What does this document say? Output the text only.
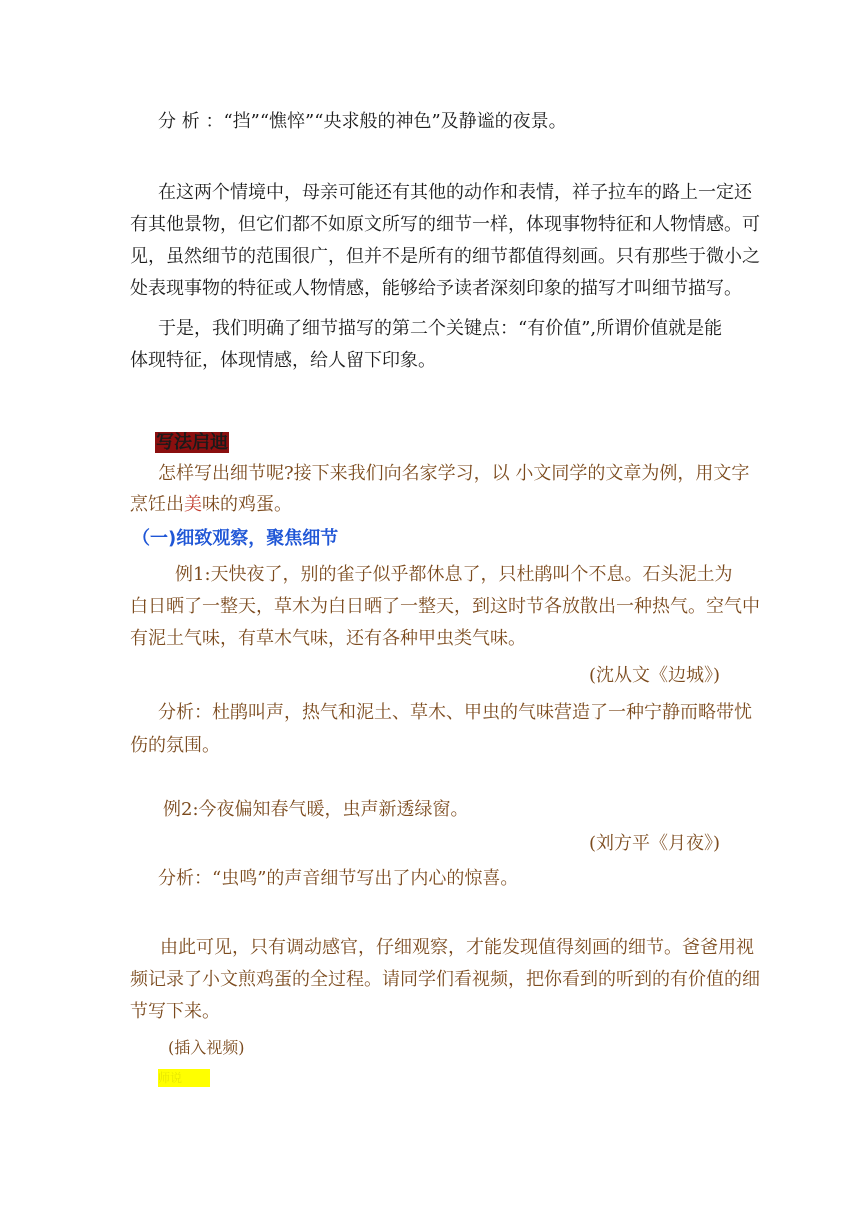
分 析 ：“挡”“憔悴”“央求般的神色”及静谧的夜景。
在这两个情境中，母亲可能还有其他的动作和表情，祥子拉车的路上一定还
有其他景物，但它们都不如原文所写的细节一样，体现事物特征和人物情感。可
见，虽然细节的范围很广，但并不是所有的细节都值得刻画。只有那些于微小之
处表现事物的特征或人物情感，能够给予读者深刻印象的描写才叫细节描写。
于是，我们明确了细节描写的第二个关键点：“有价值”,所谓价值就是能
体现特征，体现情感，给人留下印象。
写法启迪
怎样写出细节呢?接下来我们向名家学习，以 小文同学的文章为例，用文字
烹饪出美味的鸡蛋。
（一)细致观察，聚焦细节
例1:天快夜了，别的雀子似乎都休息了，只杜鹃叫个不息。石头泥土为
白日晒了一整天，草木为白日晒了一整天，到这时节各放散出一种热气。空气中
有泥土气味，有草木气味，还有各种甲虫类气味。
(沈从文《边城》)
分析：杜鹃叫声，热气和泥土、草木、甲虫的气味营造了一种宁静而略带忧
伤的氛围。
例2:今夜偏知春气暖，虫声新透绿窗。
(刘方平《月夜》)
分析：“虫鸣”的声音细节写出了内心的惊喜。
由此可见，只有调动感官，仔细观察，才能发现值得刻画的细节。爸爸用视
频记录了小文煎鸡蛋的全过程。请同学们看视频，把你看到的听到的有价值的细
节写下来。
(插入视频)
师说
